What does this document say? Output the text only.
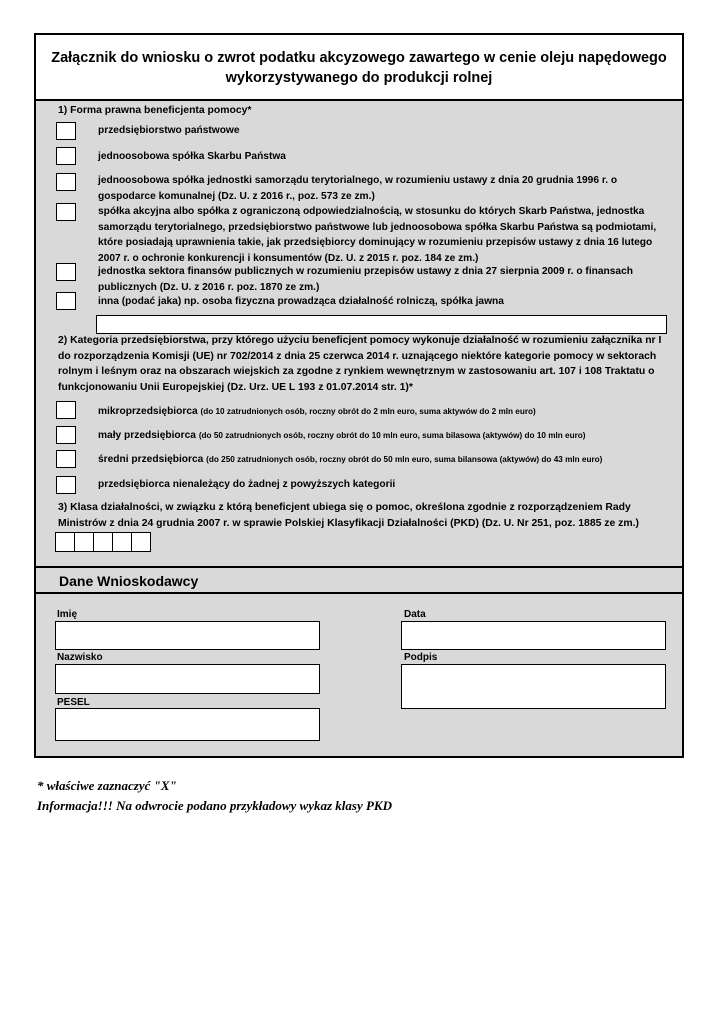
Załącznik do wniosku o zwrot podatku akcyzowego zawartego w cenie oleju napędowego
wykorzystywanego do produkcji rolnej
1) Forma prawna beneficjenta pomocy*
przedsiębiorstwo państwowe
jednoosobowa spółka Skarbu Państwa
jednoosobowa spółka jednostki samorządu terytorialnego, w rozumieniu ustawy z dnia 20 grudnia 1996 r. o gospodarce komunalnej (Dz. U. z 2016 r., poz. 573 ze zm.)
spółka akcyjna albo spółka z ograniczoną odpowiedzialnością, w stosunku do których Skarb Państwa, jednostka samorządu terytorialnego, przedsiębiorstwo państwowe lub jednoosobowa spółka Skarbu Państwa są podmiotami, które posiadają uprawnienia takie, jak przedsiębiorcy dominujący w rozumieniu przepisów ustawy z dnia 16 lutego 2007 r. o ochronie konkurencji i konsumentów (Dz. U. z 2015 r. poz. 184 ze zm.)
jednostka sektora finansów publicznych w rozumieniu przepisów ustawy z dnia 27 sierpnia 2009 r. o finansach publicznych (Dz. U. z 2016 r. poz. 1870 ze zm.)
inna (podać jaka) np. osoba fizyczna prowadząca działalność rolniczą, spółka jawna
2) Kategoria przedsiębiorstwa, przy którego użyciu beneficjent pomocy wykonuje działalność w rozumieniu załącznika nr I do rozporządzenia Komisji (UE) nr 702/2014 z dnia 25 czerwca 2014 r. uznającego niektóre kategorie pomocy w sektorach rolnym i leśnym oraz na obszarach wiejskich za zgodne z rynkiem wewnętrznym w zastosowaniu art. 107 i 108 Traktatu o funkcjonowaniu Unii Europejskiej (Dz. Urz. UE L 193 z 01.07.2014 str. 1)*
mikroprzedsiębiorca (do 10 zatrudnionych osób, roczny obrót do 2 mln euro, suma aktywów do 2 mln euro)
mały przedsiębiorca (do 50 zatrudnionych osób, roczny obrót do 10 mln euro, suma bilasowa (aktywów) do 10 mln euro)
średni przedsiębiorca (do 250 zatrudnionych osób, roczny obrót do 50 mln euro, suma bilansowa (aktywów) do 43 mln euro)
przedsiębiorca nienależący do żadnej z powyższych kategorii
3) Klasa działalności, w związku z którą beneficjent ubiega się o pomoc, określona zgodnie z rozporządzeniem Rady Ministrów z dnia 24 grudnia 2007 r. w sprawie Polskiej Klasyfikacji Działalności (PKD) (Dz. U. Nr 251, poz. 1885 ze zm.)
Dane Wnioskodawcy
Imię	Data
Nazwisko	Podpis
PESEL
* właściwe zaznaczyć "X"
Informacja!!! Na odwrocie podano przykładowy wykaz klasy PKD
